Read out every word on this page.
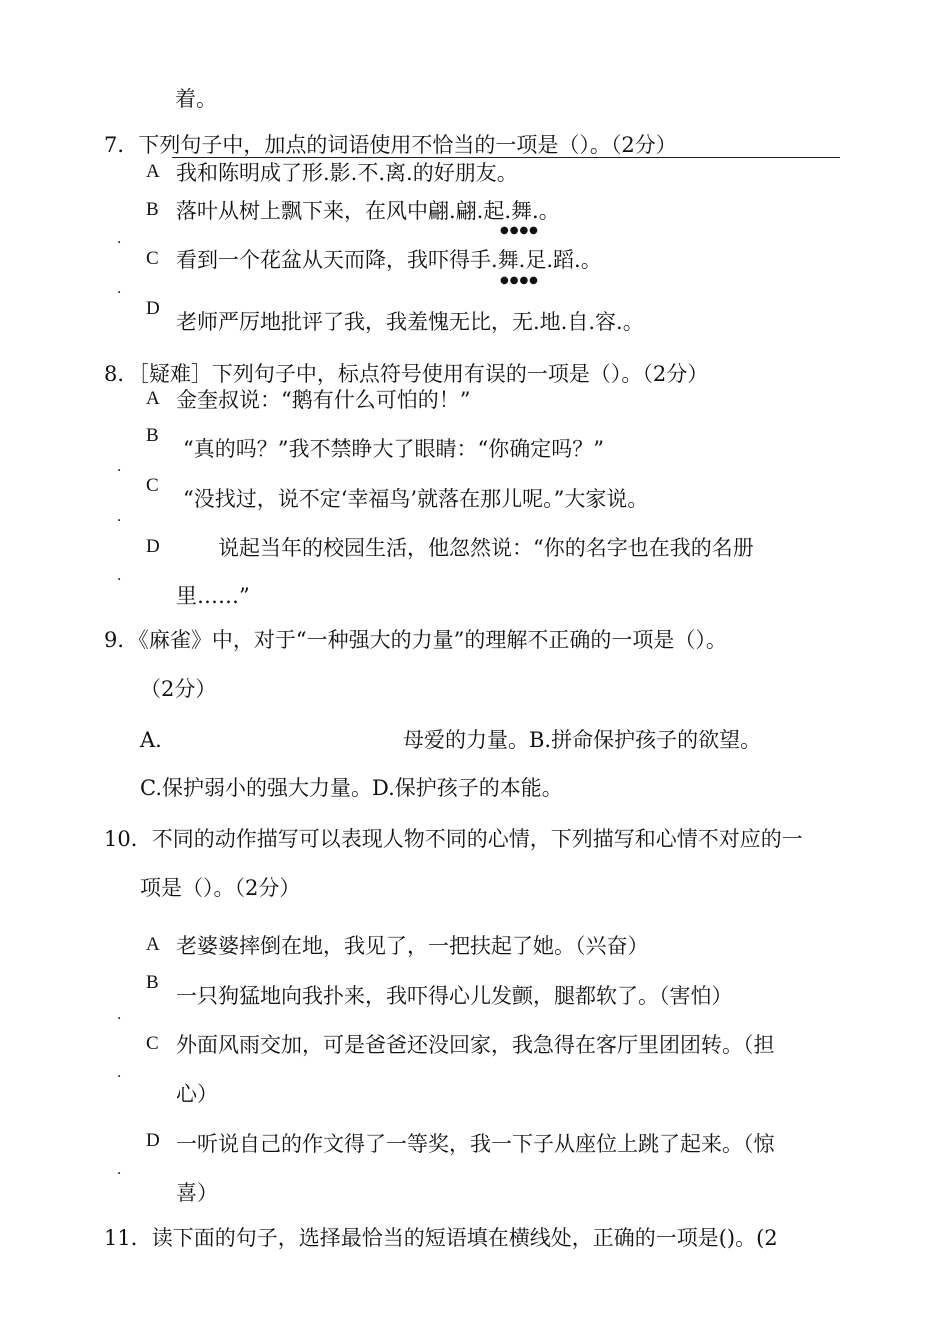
着。
7．下列句子中，加点的词语使用不恰当的一项是（）。（2分）
A 我和陈明成了形.影.不.离.的好朋友。
B 落叶从树上飘下来，在风中翩.翩.起.舞.。
●●●●
．
C 看到一个花盆从天而降，我吓得手.舞.足.蹈.。
●●●●
．
D
老师严厉地批评了我，我羞愧无比，无.地.自.容.。
8．［疑难］下列句子中，标点符号使用有误的一项是（）。（2分）
A 金奎叔说：“鹅有什么可怕的！”
B
“真的吗？”我不禁睁大了眼睛：“你确定吗？”
．
C
“没找过，说不定‘幸福鸟’就落在那儿呢。”大家说。
．
D	说起当年的校园生活，他忽然说：“你的名字也在我的名册
．
里……”
9．《麻雀》中，对于“一种强大的力量”的理解不正确的一项是（）。
（2分）
A.	母爱的力量。B.拼命保护孩子的欲望。
C.保护弱小的强大力量。D.保护孩子的本能。
10．不同的动作描写可以表现人物不同的心情，下列描写和心情不对应的一
项是（）。（2分）
A 老婆婆摔倒在地，我见了，一把扶起了她。（兴奋）
B
一只狗猛地向我扑来，我吓得心儿发颤，腿都软了。（害怕）
．
C 外面风雨交加，可是爸爸还没回家，我急得在客厅里团团转。（担
．
心）
D 一听说自己的作文得了一等奖，我一下子从座位上跳了起来。（惊
．
喜）
11．读下面的句子，选择最恰当的短语填在横线处，正确的一项是()。(2
